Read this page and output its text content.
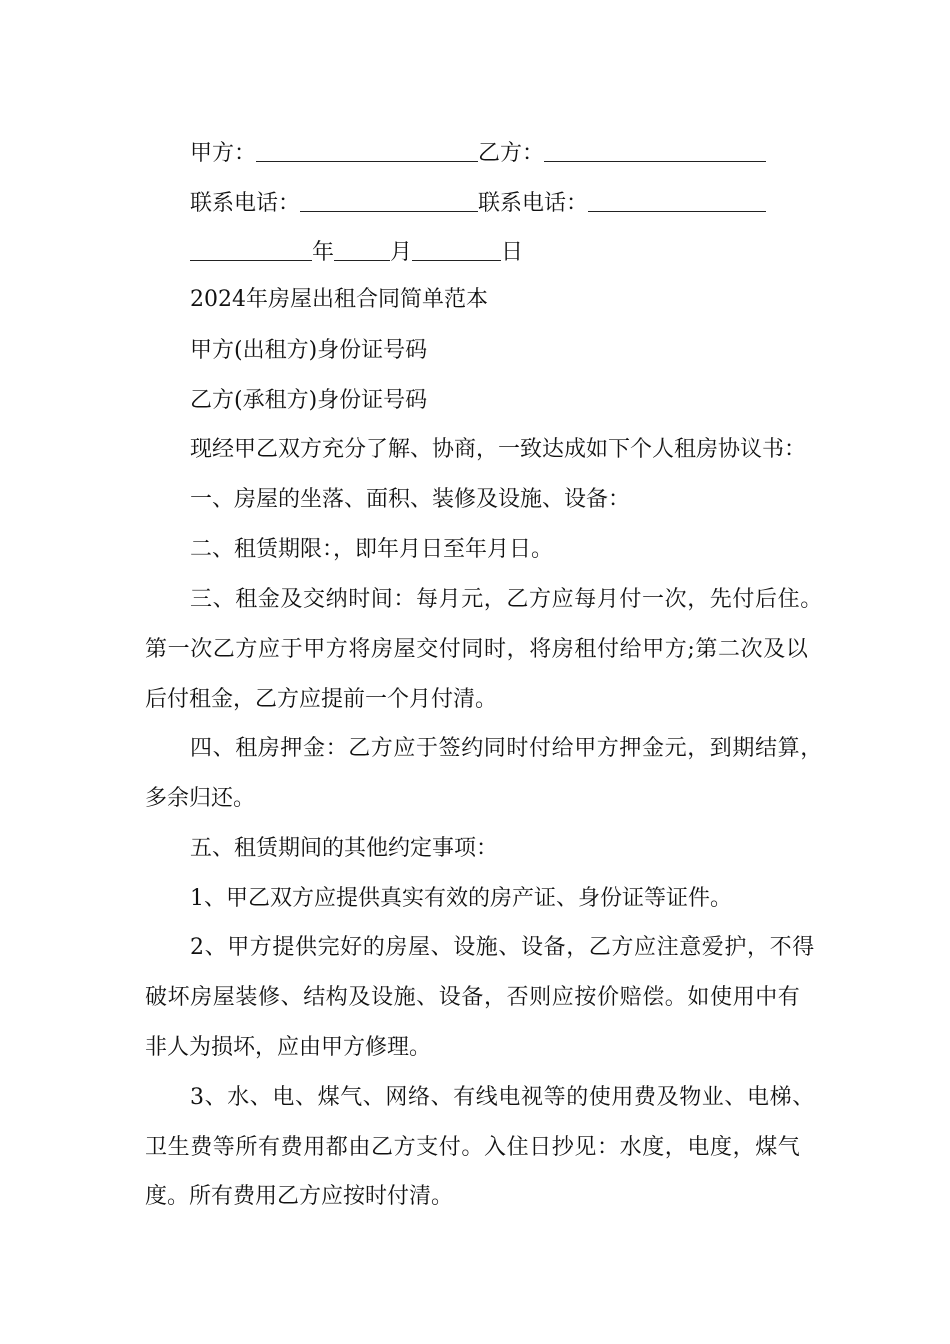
甲方：	乙方：
联系电话：	联系电话：
年	月	日
2024年房屋出租合同简单范本
甲方(出租方)身份证号码
乙方(承租方)身份证号码
现经甲乙双方充分了解、协商，一致达成如下个人租房协议书：
一、房屋的坐落、面积、装修及设施、设备：
二、租赁期限：，即年月日至年月日。
三、租金及交纳时间：每月元，乙方应每月付一次，先付后住。
第一次乙方应于甲方将房屋交付同时，将房租付给甲方;第二次及以
后付租金，乙方应提前一个月付清。
四、租房押金：乙方应于签约同时付给甲方押金元，到期结算，
多余归还。
五、租赁期间的其他约定事项：
1、甲乙双方应提供真实有效的房产证、身份证等证件。
2、甲方提供完好的房屋、设施、设备，乙方应注意爱护，不得
破坏房屋装修、结构及设施、设备，否则应按价赔偿。如使用中有
非人为损坏，应由甲方修理。
3、水、电、煤气、网络、有线电视等的使用费及物业、电梯、
卫生费等所有费用都由乙方支付。入住日抄见：水度，电度，煤气
度。所有费用乙方应按时付清。
